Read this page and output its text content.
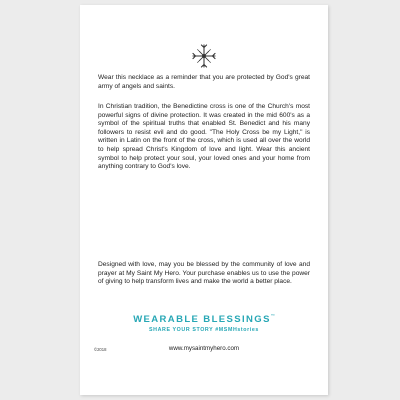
Wear this necklace as a reminder that you are protected by God's great army of angels and saints.
In Christian tradition, the Benedictine cross is one of the Church's most powerful signs of divine protection. It was created in the mid 600's as a symbol of the spiritual truths that enabled St. Benedict and his many followers to resist evil and do good. "The Holy Cross be my Light," is written in Latin on the front of the cross, which is used all over the world to help spread Christ's Kingdom of love and light. Wear this ancient symbol to help protect your soul, your loved ones and your home from anything contrary to God's love.
Designed with love, may you be blessed by the community of love and prayer at My Saint My Hero. Your purchase enables us to use the power of giving to help transform lives and make the world a better place.
WEARABLE BLESSINGS™
SHARE YOUR STORY #MSMHstories
©2018	www.mysaintmyhero.com
